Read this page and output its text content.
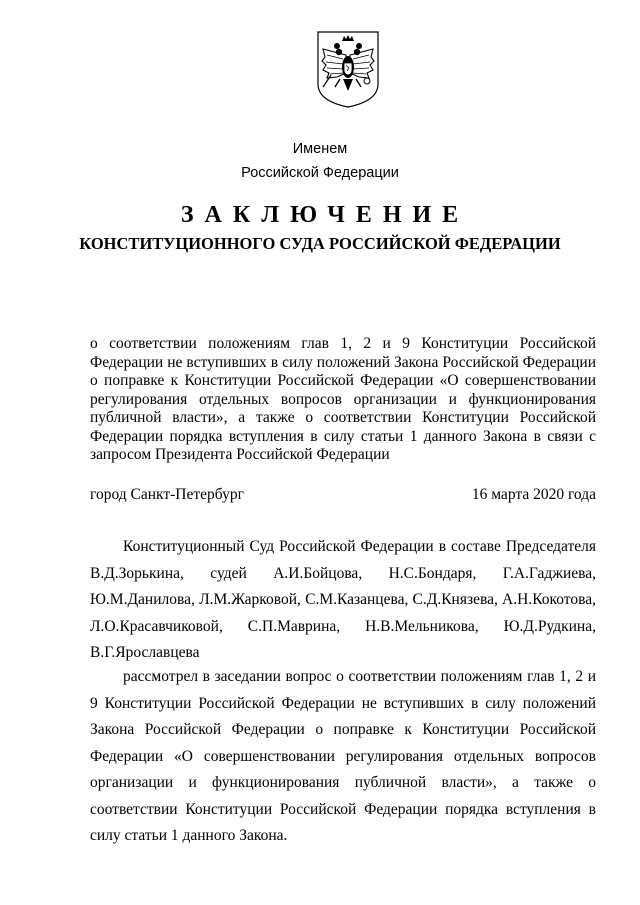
Именем
Российской Федерации
ЗАКЛЮЧЕНИЕ
КОНСТИТУЦИОННОГО СУДА РОССИЙСКОЙ ФЕДЕРАЦИИ
о соответствии положениям глав 1, 2 и 9 Конституции Российской Федерации не вступивших в силу положений Закона Российской Федерации о поправке к Конституции Российской Федерации «О совершенствовании регулирования отдельных вопросов организации и функционирования публичной власти», а также о соответствии Конституции Российской Федерации порядка вступления в силу статьи 1 данного Закона в связи с запросом Президента Российской Федерации
город Санкт-Петербург	16 марта 2020 года
Конституционный Суд Российской Федерации в составе Председателя В.Д.Зорькина, судей А.И.Бойцова, Н.С.Бондаря, Г.А.Гаджиева, Ю.М.Данилова, Л.М.Жарковой, С.М.Казанцева, С.Д.Князева, А.Н.Кокотова, Л.О.Красавчиковой, С.П.Маврина, Н.В.Мельникова, Ю.Д.Рудкина, В.Г.Ярославцева
рассмотрел в заседании вопрос о соответствии положениям глав 1, 2 и 9 Конституции Российской Федерации не вступивших в силу положений Закона Российской Федерации о поправке к Конституции Российской Федерации «О совершенствовании регулирования отдельных вопросов организации и функционирования публичной власти», а также о соответствии Конституции Российской Федерации порядка вступления в силу статьи 1 данного Закона.
